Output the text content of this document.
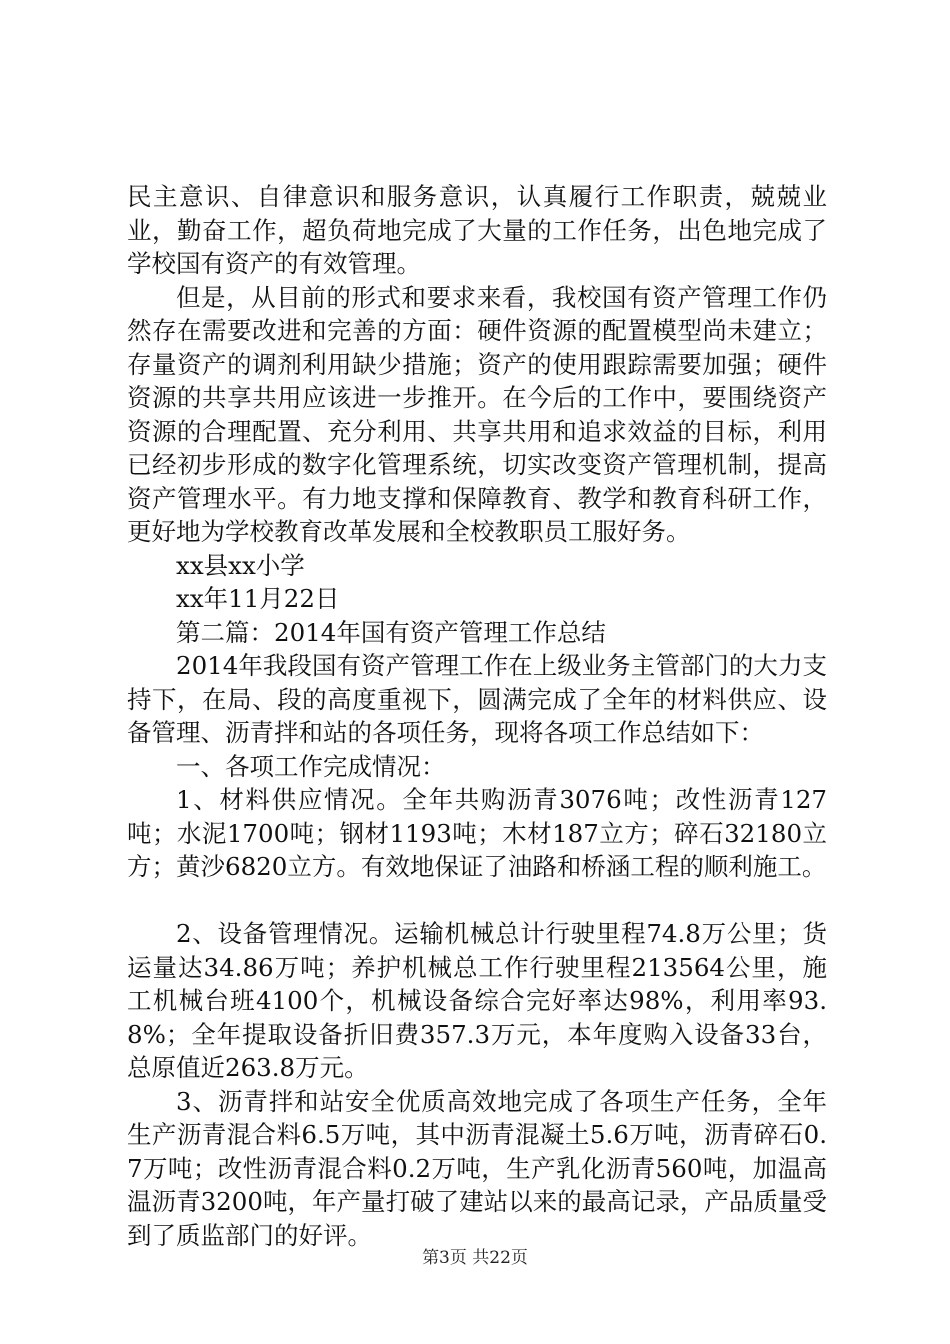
民主意识、自律意识和服务意识，认真履行工作职责，兢兢业业，勤奋工作，超负荷地完成了大量的工作任务，出色地完成了学校国有资产的有效管理。

但是，从目前的形式和要求来看，我校国有资产管理工作仍然存在需要改进和完善的方面：硬件资源的配置模型尚未建立；存量资产的调剂利用缺少措施；资产的使用跟踪需要加强；硬件资源的共享共用应该进一步推开。在今后的工作中，要围绕资产资源的合理配置、充分利用、共享共用和追求效益的目标，利用已经初步形成的数字化管理系统，切实改变资产管理机制，提高资产管理水平。有力地支撑和保障教育、教学和教育科研工作，更好地为学校教育改革发展和全校教职员工服好务。

xx县xx小学

xx年11月22日

第二篇：2014年国有资产管理工作总结

2014年我段国有资产管理工作在上级业务主管部门的大力支持下，在局、段的高度重视下，圆满完成了全年的材料供应、设备管理、沥青拌和站的各项任务，现将各项工作总结如下：

一、各项工作完成情况：

1、材料供应情况。全年共购沥青3076吨；改性沥青127吨；水泥1700吨；钢材1193吨；木材187立方；碎石32180立方；黄沙6820立方。有效地保证了油路和桥涵工程的顺利施工。

2、设备管理情况。运输机械总计行驶里程74.8万公里；货运量达34.86万吨；养护机械总工作行驶里程213564公里，施工机械台班4100个，机械设备综合完好率达98%，利用率93.8%；全年提取设备折旧费357.3万元，本年度购入设备33台，总原值近263.8万元。

3、沥青拌和站安全优质高效地完成了各项生产任务，全年生产沥青混合料6.5万吨，其中沥青混凝土5.6万吨，沥青碎石0.7万吨；改性沥青混合料0.2万吨，生产乳化沥青560吨，加温高温沥青3200吨，年产量打破了建站以来的最高记录，产品质量受到了质监部门的好评。

第3页 共22页
